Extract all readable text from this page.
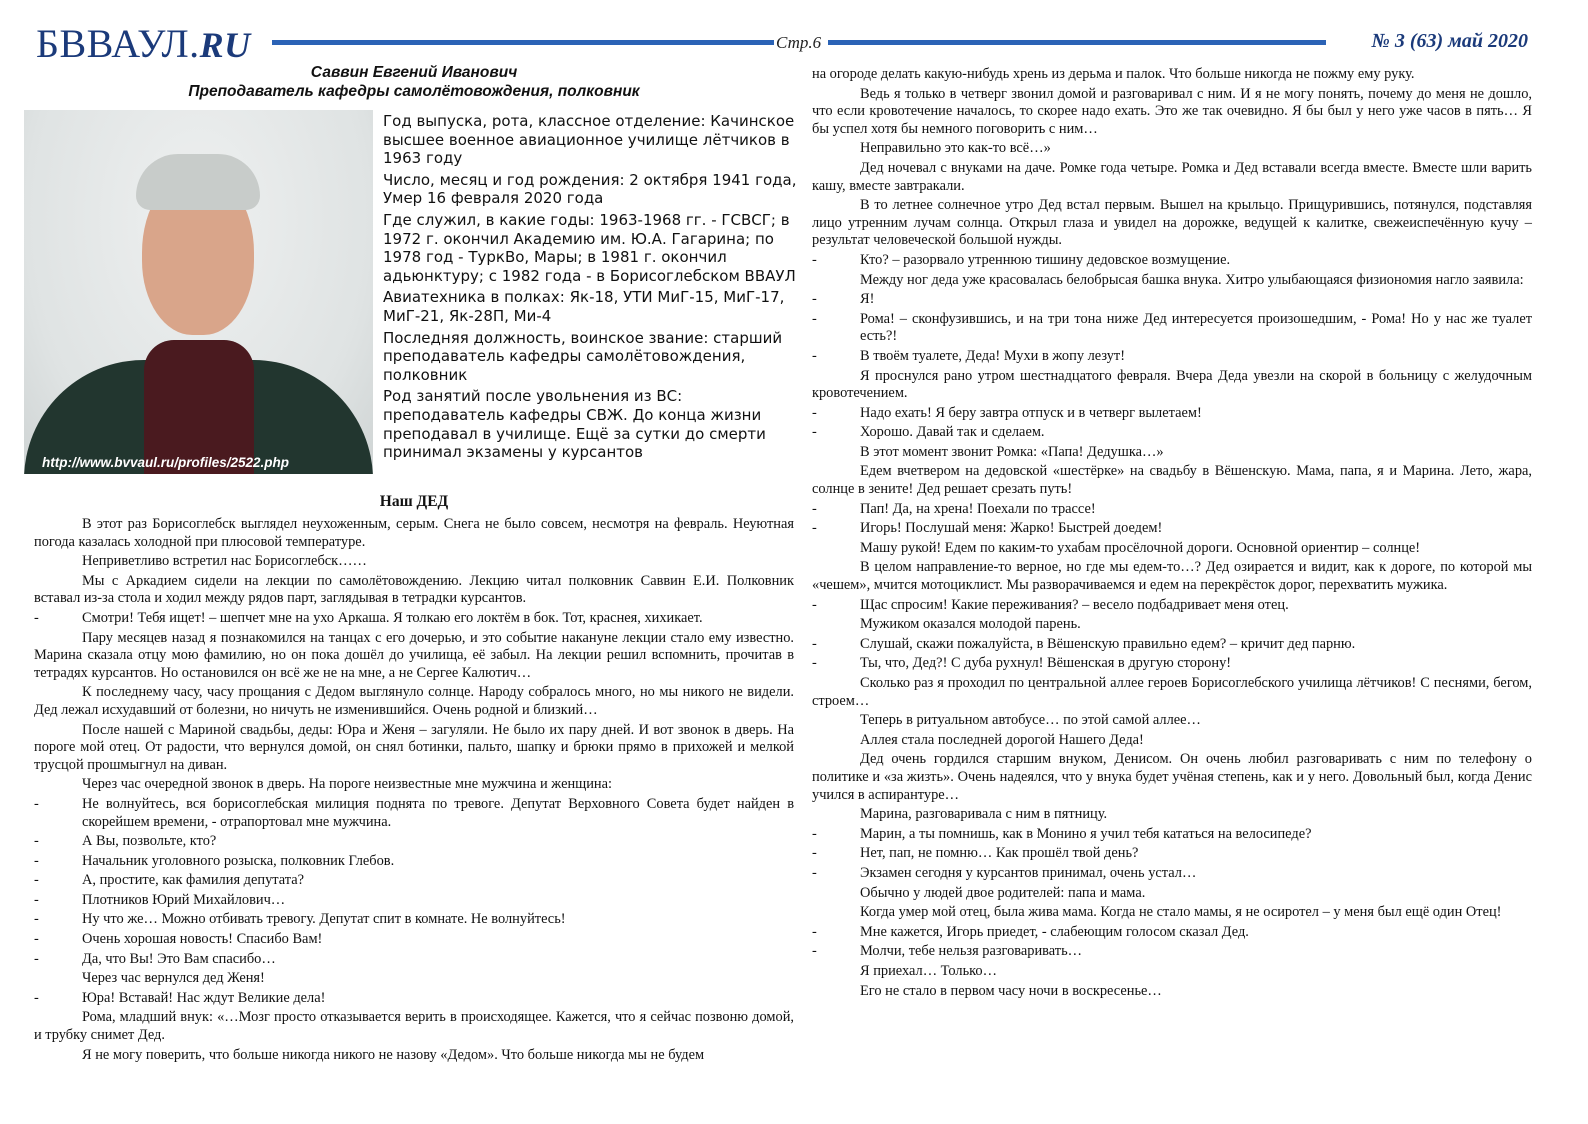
БВВАУЛ.RU	Стр.6	№ 3 (63) май 2020
Саввин Евгений Иванович
Преподаватель кафедры самолётовождения, полковник
http://www.bvvaul.ru/profiles/2522.php

Год выпуска, рота, классное отделение: Качинское высшее военное авиационное училище лётчиков в 1963 году

Число, месяц и год рождения: 2 октября 1941 года, Умер 16 февраля 2020 года

Где служил, в какие годы: 1963-1968 гг. - ГСВСГ; в 1972 г. окончил Академию им. Ю.А. Гагарина; по 1978 год - ТуркВо, Мары; в 1981 г. окончил адьюнктуру; с 1982 года - в Борисоглебском ВВАУЛ

Авиатехника в полках: Як-18, УТИ МиГ-15, МиГ-17, МиГ-21, Як-28П, Ми-4

Последняя должность, воинское звание: старший преподаватель кафедры самолётовождения, полковник

Род занятий после увольнения из ВС: преподаватель кафедры СВЖ. До конца жизни преподавал в училище. Ещё за сутки до смерти принимал экзамены у курсантов

Наш ДЕД

В этот раз Борисоглебск выглядел неухоженным, серым. Снега не было совсем, несмотря на февраль. Неуютная погода казалась холодной при плюсовой температуре.

Неприветливо встретил нас Борисоглебск……

Мы с Аркадием сидели на лекции по самолётовождению. Лекцию читал полковник Саввин Е.И. Полковник вставал из-за стола и ходил между рядов парт, заглядывая в тетрадки курсантов.

- Смотри! Тебя ищет! – шепчет мне на ухо Аркаша. Я толкаю его локтём в бок. Тот, краснея, хихикает.

Пару месяцев назад я познакомился на танцах с его дочерью, и это событие накануне лекции стало ему известно. Марина сказала отцу мою фамилию, но он пока дошёл до училища, её забыл. На лекции решил вспомнить, прочитав в тетрадях курсантов. Но остановился он всё же не на мне, а не Сергее Калютич…

К последнему часу, часу прощания с Дедом выглянуло солнце. Народу собралось много, но мы никого не видели. Дед лежал исхудавший от болезни, но ничуть не изменившийся. Очень родной и близкий…

После нашей с Мариной свадьбы, деды: Юра и Женя – загуляли. Не было их пару дней. И вот звонок в дверь. На пороге мой отец. От радости, что вернулся домой, он снял ботинки, пальто, шапку и брюки прямо в прихожей и мелкой трусцой прошмыгнул на диван.

Через час очередной звонок в дверь. На пороге неизвестные мне мужчина и женщина:

- Не волнуйтесь, вся борисоглебская милиция поднята по тревоге. Депутат Верховного Совета будет найден в скорейшем времени, - отрапортовал мне мужчина.

- А Вы, позвольте, кто?

- Начальник уголовного розыска, полковник Глебов.

- А, простите, как фамилия депутата?

- Плотников Юрий Михайлович…

- Ну что же… Можно отбивать тревогу. Депутат спит в комнате. Не волнуйтесь!

- Очень хорошая новость! Спасибо Вам!

- Да, что Вы! Это Вам спасибо…

Через час вернулся дед Женя!

- Юра! Вставай! Нас ждут Великие дела!

Рома, младший внук: «…Мозг просто отказывается верить в происходящее. Кажется, что я сейчас позвоню домой, и трубку снимет Дед.

Я не могу поверить, что больше никогда никого не назову «Дедом». Что больше никогда мы не будем

на огороде делать какую-нибудь хрень из дерьма и палок. Что больше никогда не пожму ему руку.

Ведь я только в четверг звонил домой и разговаривал с ним. И я не могу понять, почему до меня не дошло, что если кровотечение началось, то скорее надо ехать. Это же так очевидно. Я бы был у него уже часов в пять… Я бы успел хотя бы немного поговорить с ним…

Неправильно это как-то всё…»

Дед ночевал с внуками на даче. Ромке года четыре. Ромка и Дед вставали всегда вместе. Вместе шли варить кашу, вместе завтракали.

В то летнее солнечное утро Дед встал первым. Вышел на крыльцо. Прищурившись, потянулся, подставляя лицо утренним лучам солнца. Открыл глаза и увидел на дорожке, ведущей к калитке, свежеиспечённую кучу – результат человеческой большой нужды.

- Кто? – разорвало утреннюю тишину дедовское возмущение.

Между ног деда уже красовалась белобрысая башка внука. Хитро улыбающаяся физиономия нагло заявила:

- Я!

- Рома! – сконфузившись, и на три тона ниже Дед интересуется произошедшим, - Рома! Но у нас же туалет есть?!

- В твоём туалете, Деда! Мухи в жопу лезут!

Я проснулся рано утром шестнадцатого февраля. Вчера Деда увезли на скорой в больницу с желудочным кровотечением.

- Надо ехать! Я беру завтра отпуск и в четверг вылетаем!

- Хорошо. Давай так и сделаем.

В этот момент звонит Ромка: «Папа! Дедушка…»

Едем вчетвером на дедовской «шестёрке» на свадьбу в Вёшенскую. Мама, папа, я и Марина. Лето, жара, солнце в зените! Дед решает срезать путь!

- Пап! Да, на хрена! Поехали по трассе!

- Игорь! Послушай меня: Жарко! Быстрей доедем!

Машу рукой! Едем по каким-то ухабам просёлочной дороги. Основной ориентир – солнце!

В целом направление-то верное, но где мы едем-то…? Дед озирается и видит, как к дороге, по которой мы «чешем», мчится мотоциклист. Мы разворачиваемся и едем на перекрёсток дорог, перехватить мужика.

- Щас спросим! Какие переживания? – весело подбадривает меня отец.

Мужиком оказался молодой парень.

- Слушай, скажи пожалуйста, в Вёшенскую правильно едем? – кричит дед парню.

- Ты, что, Дед?! С дуба рухнул! Вёшенская в другую сторону!

Сколько раз я проходил по центральной аллее героев Борисоглебского училища лётчиков! С песнями, бегом, строем…

Теперь в ритуальном автобусе… по этой самой аллее…

Аллея стала последней дорогой Нашего Деда!

Дед очень гордился старшим внуком, Денисом. Он очень любил разговаривать с ним по телефону о политике и «за жизть». Очень надеялся, что у внука будет учёная степень, как и у него. Довольный был, когда Денис учился в аспирантуре…

Марина, разговаривала с ним в пятницу.

- Марин, а ты помнишь, как в Монино я учил тебя кататься на велосипеде?

- Нет, пап, не помню… Как прошёл твой день?

- Экзамен сегодня у курсантов принимал, очень устал…

Обычно у людей двое родителей: папа и мама.

Когда умер мой отец, была жива мама. Когда не стало мамы, я не осиротел – у меня был ещё один Отец!

- Мне кажется, Игорь приедет, - слабеющим голосом сказал Дед.

- Молчи, тебе нельзя разговаривать…

Я приехал… Только…

Его не стало в первом часу ночи в воскресенье…
